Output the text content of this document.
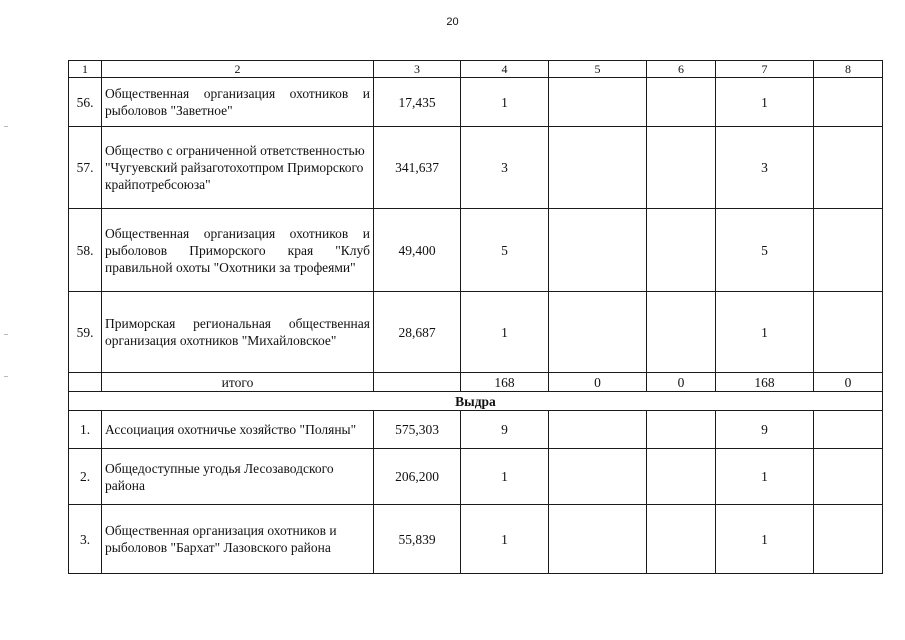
20
1	2	3	4	5	6	7	8
56.	Общественная организация охотников и рыболовов "Заветное"	17,435	1			1	
57.	Общество с ограниченной ответственностью "Чугуевский райзаготохотпром Приморского крайпотребсоюза"	341,637	3			3	
58.	Общественная организация охотников и рыболовов Приморского края "Клуб правильной охоты "Охотники за трофеями"	49,400	5			5	
59.	Приморская региональная общественная организация охотников "Михайловское"	28,687	1			1	
	итого		168	0	0	168	0
Выдра							
1.	Ассоциация охотничье хозяйство "Поляны"	575,303	9			9	
2.	Общедоступные угодья Лесозаводского района	206,200	1			1	
3.	Общественная организация охотников и рыболовов "Бархат" Лазовского района	55,839	1			1	
